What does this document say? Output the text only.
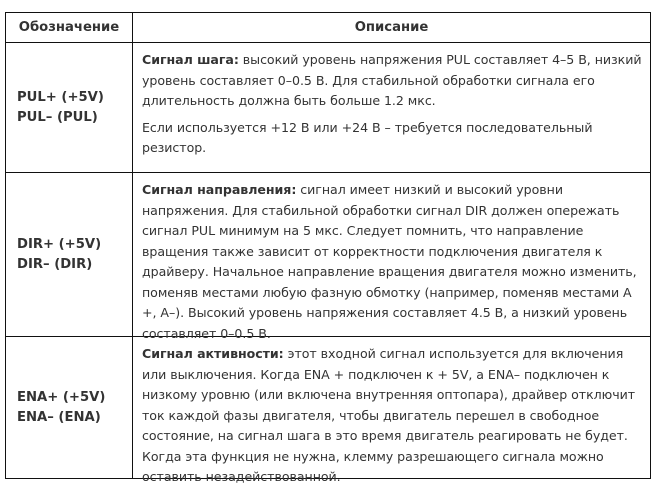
Обозначение	Описание
PUL+ (+5V)
PUL– (PUL)

Сигнал шага: высокий уровень напряжения PUL составляет 4–5 В, низкий уровень составляет 0–0.5 В. Для стабильной обработки сигнала его длительность должна быть больше 1.2 мкс.

Если используется +12 В или +24 В – требуется последовательный резистор.

DIR+ (+5V)
DIR– (DIR)

Сигнал направления: сигнал имеет низкий и высокий уровни напряжения. Для стабильной обработки сигнал DIR должен опережать сигнал PUL минимум на 5 мкс. Следует помнить, что направление вращения также зависит от корректности подключения двигателя к драйверу. Начальное направление вращения двигателя можно изменить, поменяв местами любую фазную обмотку (например, поменяв местами A +, A–). Высокий уровень напряжения составляет 4.5 В, а низкий уровень составляет 0–0.5 В.

ENA+ (+5V)
ENA– (ENA)

Сигнал активности: этот входной сигнал используется для включения или выключения. Когда ENA + подключен к + 5V, а ENA– подключен к низкому уровню (или включена внутренняя оптопара), драйвер отключит ток каждой фазы двигателя, чтобы двигатель перешел в свободное состояние, на сигнал шага в это время двигатель реагировать не будет. Когда эта функция не нужна, клемму разрешающего сигнала можно оставить незадействованной.
